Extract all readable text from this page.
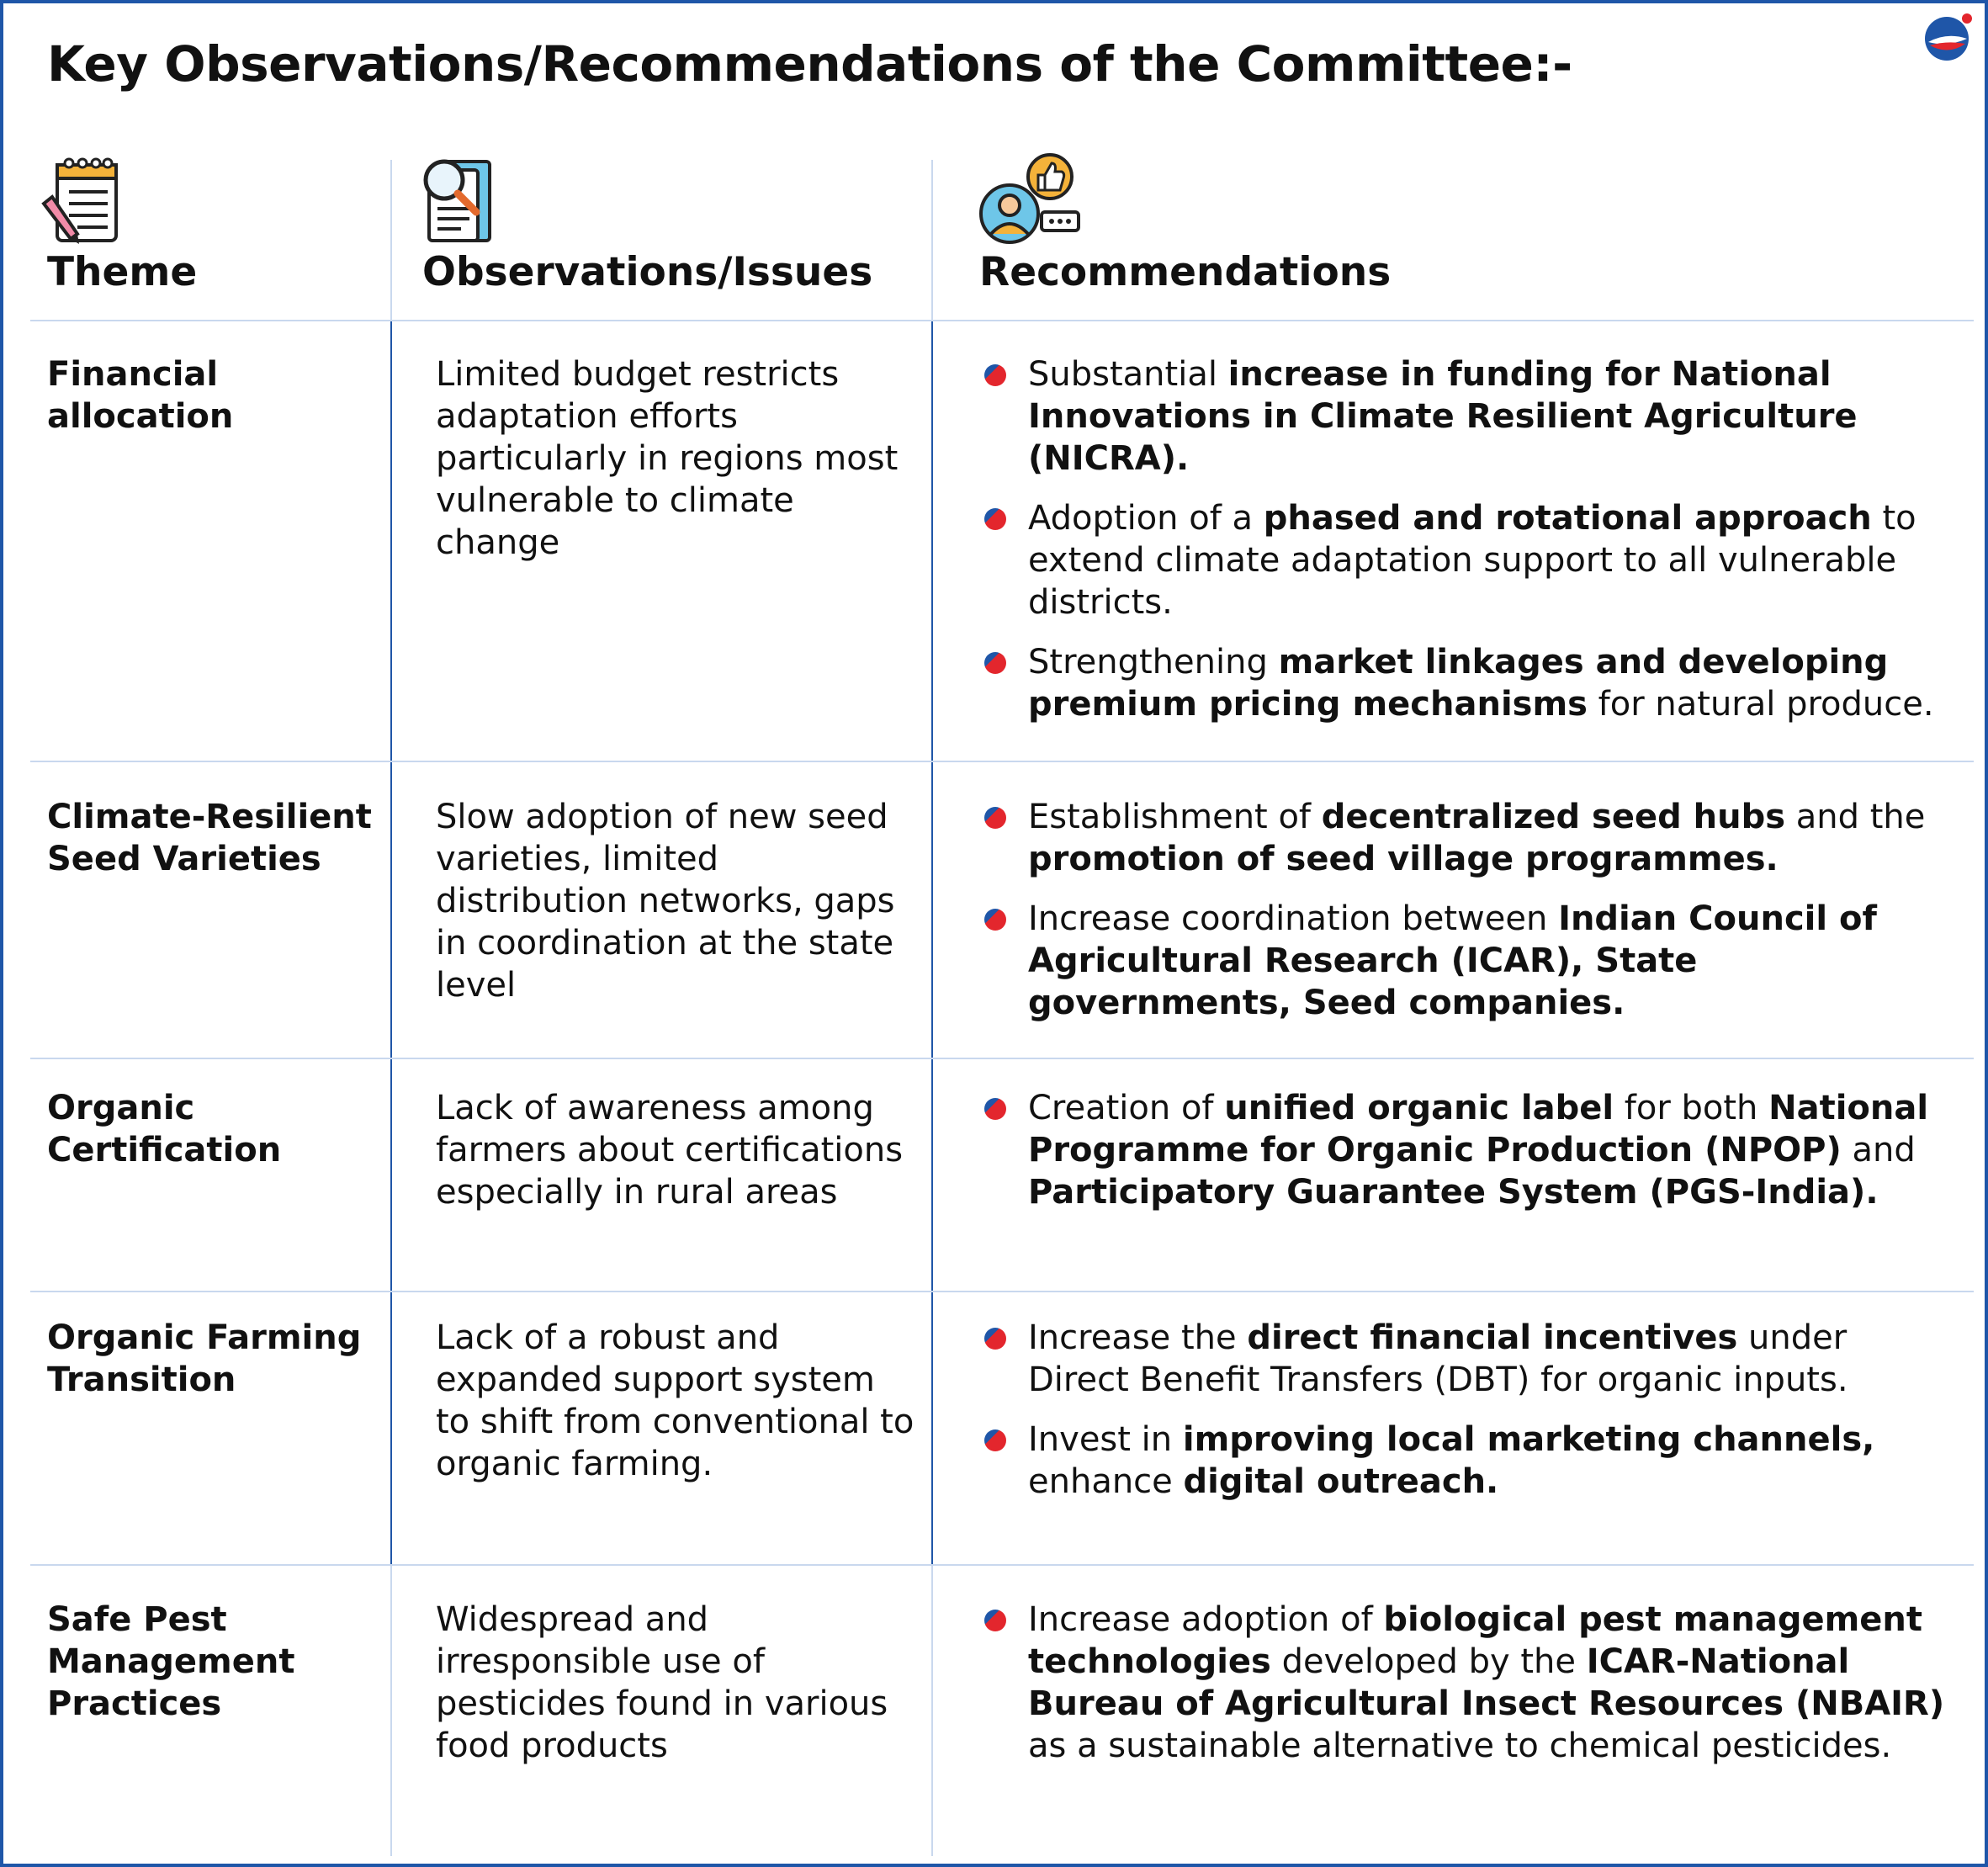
Key Observations/Recommendations of the Committee:-
Theme	Observations/Issues	Recommendations
Financial allocation
Limited budget restricts adaptation efforts particularly in regions most vulnerable to climate change
Substantial increase in funding for National Innovations in Climate Resilient Agriculture (NICRA).
Adoption of a phased and rotational approach to extend climate adaptation support to all vulnerable districts.
Strengthening market linkages and developing premium pricing mechanisms for natural produce.
Climate-Resilient Seed Varieties
Slow adoption of new seed varieties, limited distribution networks, gaps in coordination at the state level
Establishment of decentralized seed hubs and the promotion of seed village programmes.
Increase coordination between Indian Council of Agricultural Research (ICAR), State governments, Seed companies.
Organic Certification
Lack of awareness among farmers about certifications especially in rural areas
Creation of unified organic label for both National Programme for Organic Production (NPOP) and Participatory Guarantee System (PGS-India).
Organic Farming Transition
Lack of a robust and expanded support system to shift from conventional to organic farming.
Increase the direct financial incentives under Direct Benefit Transfers (DBT) for organic inputs.
Invest in improving local marketing channels, enhance digital outreach.
Safe Pest Management Practices
Widespread and irresponsible use of pesticides found in various food products
Increase adoption of biological pest management technologies developed by the ICAR-National Bureau of Agricultural Insect Resources (NBAIR) as a sustainable alternative to chemical pesticides.
